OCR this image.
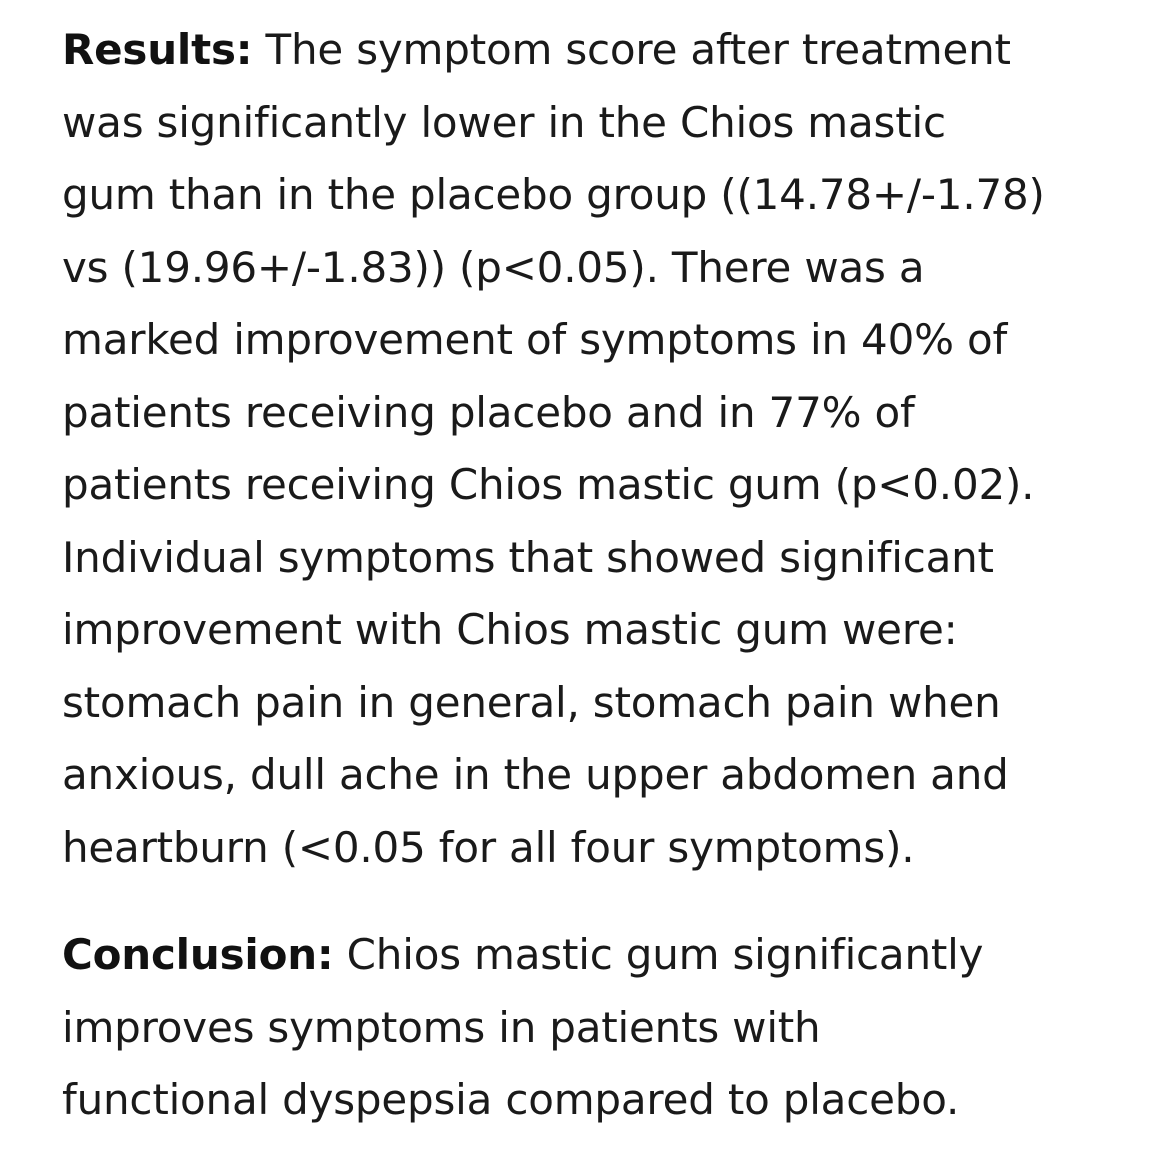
Results: The symptom score after treatment
was significantly lower in the Chios mastic
gum than in the placebo group ((14.78+/-1.78)
vs (19.96+/-1.83)) (p<0.05). There was a
marked improvement of symptoms in 40% of
patients receiving placebo and in 77% of
patients receiving Chios mastic gum (p<0.02).
Individual symptoms that showed significant
improvement with Chios mastic gum were:
stomach pain in general, stomach pain when
anxious, dull ache in the upper abdomen and
heartburn (<0.05 for all four symptoms).

Conclusion: Chios mastic gum significantly
improves symptoms in patients with
functional dyspepsia compared to placebo.
